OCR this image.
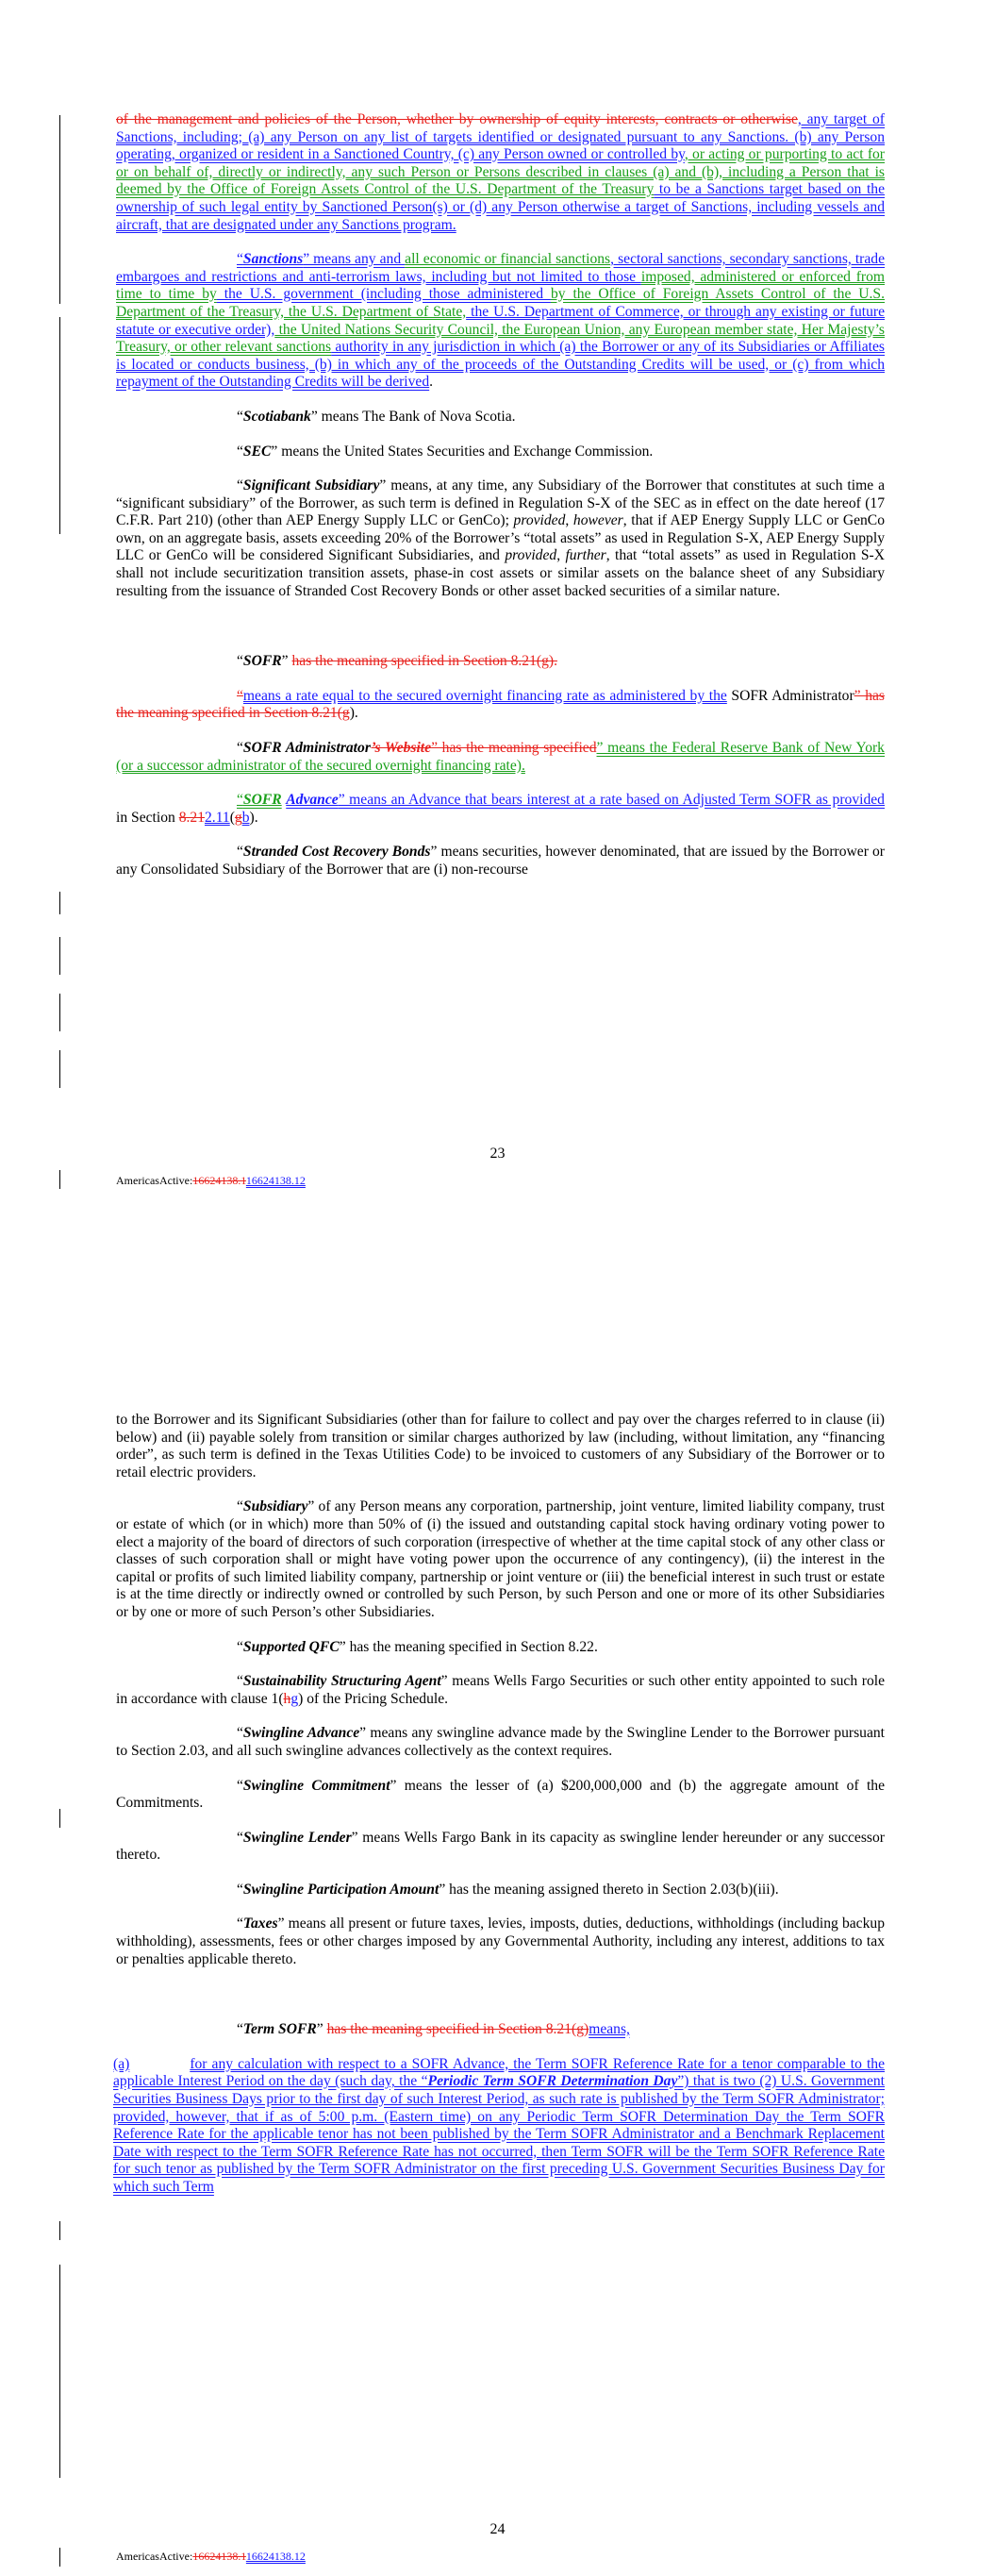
of the management and policies of the Person, whether by ownership of equity interests, contracts or otherwise, any target of Sanctions, including; (a) any Person on any list of targets identified or designated pursuant to any Sanctions. (b) any Person operating, organized or resident in a Sanctioned Country, (c) any Person owned or controlled by, or acting or purporting to act for or on behalf of, directly or indirectly, any such Person or Persons described in clauses (a) and (b), including a Person that is deemed by the Office of Foreign Assets Control of the U.S. Department of the Treasury to be a Sanctions target based on the ownership of such legal entity by Sanctioned Person(s) or (d) any Person otherwise a target of Sanctions, including vessels and aircraft, that are designated under any Sanctions program.

“Sanctions” means any and all economic or financial sanctions, sectoral sanctions, secondary sanctions, trade embargoes and restrictions and anti-terrorism laws, including but not limited to those imposed, administered or enforced from time to time by the U.S. government (including those administered by the Office of Foreign Assets Control of the U.S. Department of the Treasury, the U.S. Department of State, the U.S. Department of Commerce, or through any existing or future statute or executive order), the United Nations Security Council, the European Union, any European member state, Her Majesty’s Treasury, or other relevant sanctions authority in any jurisdiction in which (a) the Borrower or any of its Subsidiaries or Affiliates is located or conducts business, (b) in which any of the proceeds of the Outstanding Credits will be used, or (c) from which repayment of the Outstanding Credits will be derived.

“Scotiabank” means The Bank of Nova Scotia.

“SEC” means the United States Securities and Exchange Commission.

“Significant Subsidiary” means, at any time, any Subsidiary of the Borrower that constitutes at such time a “significant subsidiary” of the Borrower, as such term is defined in Regulation S-X of the SEC as in effect on the date hereof (17 C.F.R. Part 210) (other than AEP Energy Supply LLC or GenCo); provided, however, that if AEP Energy Supply LLC or GenCo own, on an aggregate basis, assets exceeding 20% of the Borrower’s “total assets” as used in Regulation S-X, AEP Energy Supply LLC or GenCo will be considered Significant Subsidiaries, and provided, further, that “total assets” as used in Regulation S-X shall not include securitization transition assets, phase-in cost assets or similar assets on the balance sheet of any Subsidiary resulting from the issuance of Stranded Cost Recovery Bonds or other asset backed securities of a similar nature.

“SOFR” has the meaning specified in Section 8.21(g).

“means a rate equal to the secured overnight financing rate as administered by the SOFR Administrator” has the meaning specified in Section 8.21(g).

“SOFR Administrator’s Website” has the meaning specified” means the Federal Reserve Bank of New York (or a successor administrator of the secured overnight financing rate).

“SOFR Advance” means an Advance that bears interest at a rate based on Adjusted Term SOFR as provided in Section 8.212.11(gb).

“Stranded Cost Recovery Bonds” means securities, however denominated, that are issued by the Borrower or any Consolidated Subsidiary of the Borrower that are (i) non-recourse

23
AmericasActive:16624138.116624138.12

to the Borrower and its Significant Subsidiaries (other than for failure to collect and pay over the charges referred to in clause (ii) below) and (ii) payable solely from transition or similar charges authorized by law (including, without limitation, any “financing order”, as such term is defined in the Texas Utilities Code) to be invoiced to customers of any Subsidiary of the Borrower or to retail electric providers.

“Subsidiary” of any Person means any corporation, partnership, joint venture, limited liability company, trust or estate of which (or in which) more than 50% of (i) the issued and outstanding capital stock having ordinary voting power to elect a majority of the board of directors of such corporation (irrespective of whether at the time capital stock of any other class or classes of such corporation shall or might have voting power upon the occurrence of any contingency), (ii) the interest in the capital or profits of such limited liability company, partnership or joint venture or (iii) the beneficial interest in such trust or estate is at the time directly or indirectly owned or controlled by such Person, by such Person and one or more of its other Subsidiaries or by one or more of such Person’s other Subsidiaries.

“Supported QFC” has the meaning specified in Section 8.22.

“Sustainability Structuring Agent” means Wells Fargo Securities or such other entity appointed to such role in accordance with clause 1(hg) of the Pricing Schedule.

“Swingline Advance” means any swingline advance made by the Swingline Lender to the Borrower pursuant to Section 2.03, and all such swingline advances collectively as the context requires.

“Swingline Commitment” means the lesser of (a) $200,000,000 and (b) the aggregate amount of the Commitments.

“Swingline Lender” means Wells Fargo Bank in its capacity as swingline lender hereunder or any successor thereto.

“Swingline Participation Amount” has the meaning assigned thereto in Section 2.03(b)(iii).

“Taxes” means all present or future taxes, levies, imposts, duties, deductions, withholdings (including backup withholding), assessments, fees or other charges imposed by any Governmental Authority, including any interest, additions to tax or penalties applicable thereto.

“Term SOFR” has the meaning specified in Section 8.21(g)means,

(a)	for any calculation with respect to a SOFR Advance, the Term SOFR Reference Rate for a tenor comparable to the applicable Interest Period on the day (such day, the “Periodic Term SOFR Determination Day”) that is two (2) U.S. Government Securities Business Days prior to the first day of such Interest Period, as such rate is published by the Term SOFR Administrator; provided, however, that if as of 5:00 p.m. (Eastern time) on any Periodic Term SOFR Determination Day the Term SOFR Reference Rate for the applicable tenor has not been published by the Term SOFR Administrator and a Benchmark Replacement Date with respect to the Term SOFR Reference Rate has not occurred, then Term SOFR will be the Term SOFR Reference Rate for such tenor as published by the Term SOFR Administrator on the first preceding U.S. Government Securities Business Day for which such Term

24
AmericasActive:16624138.116624138.12
